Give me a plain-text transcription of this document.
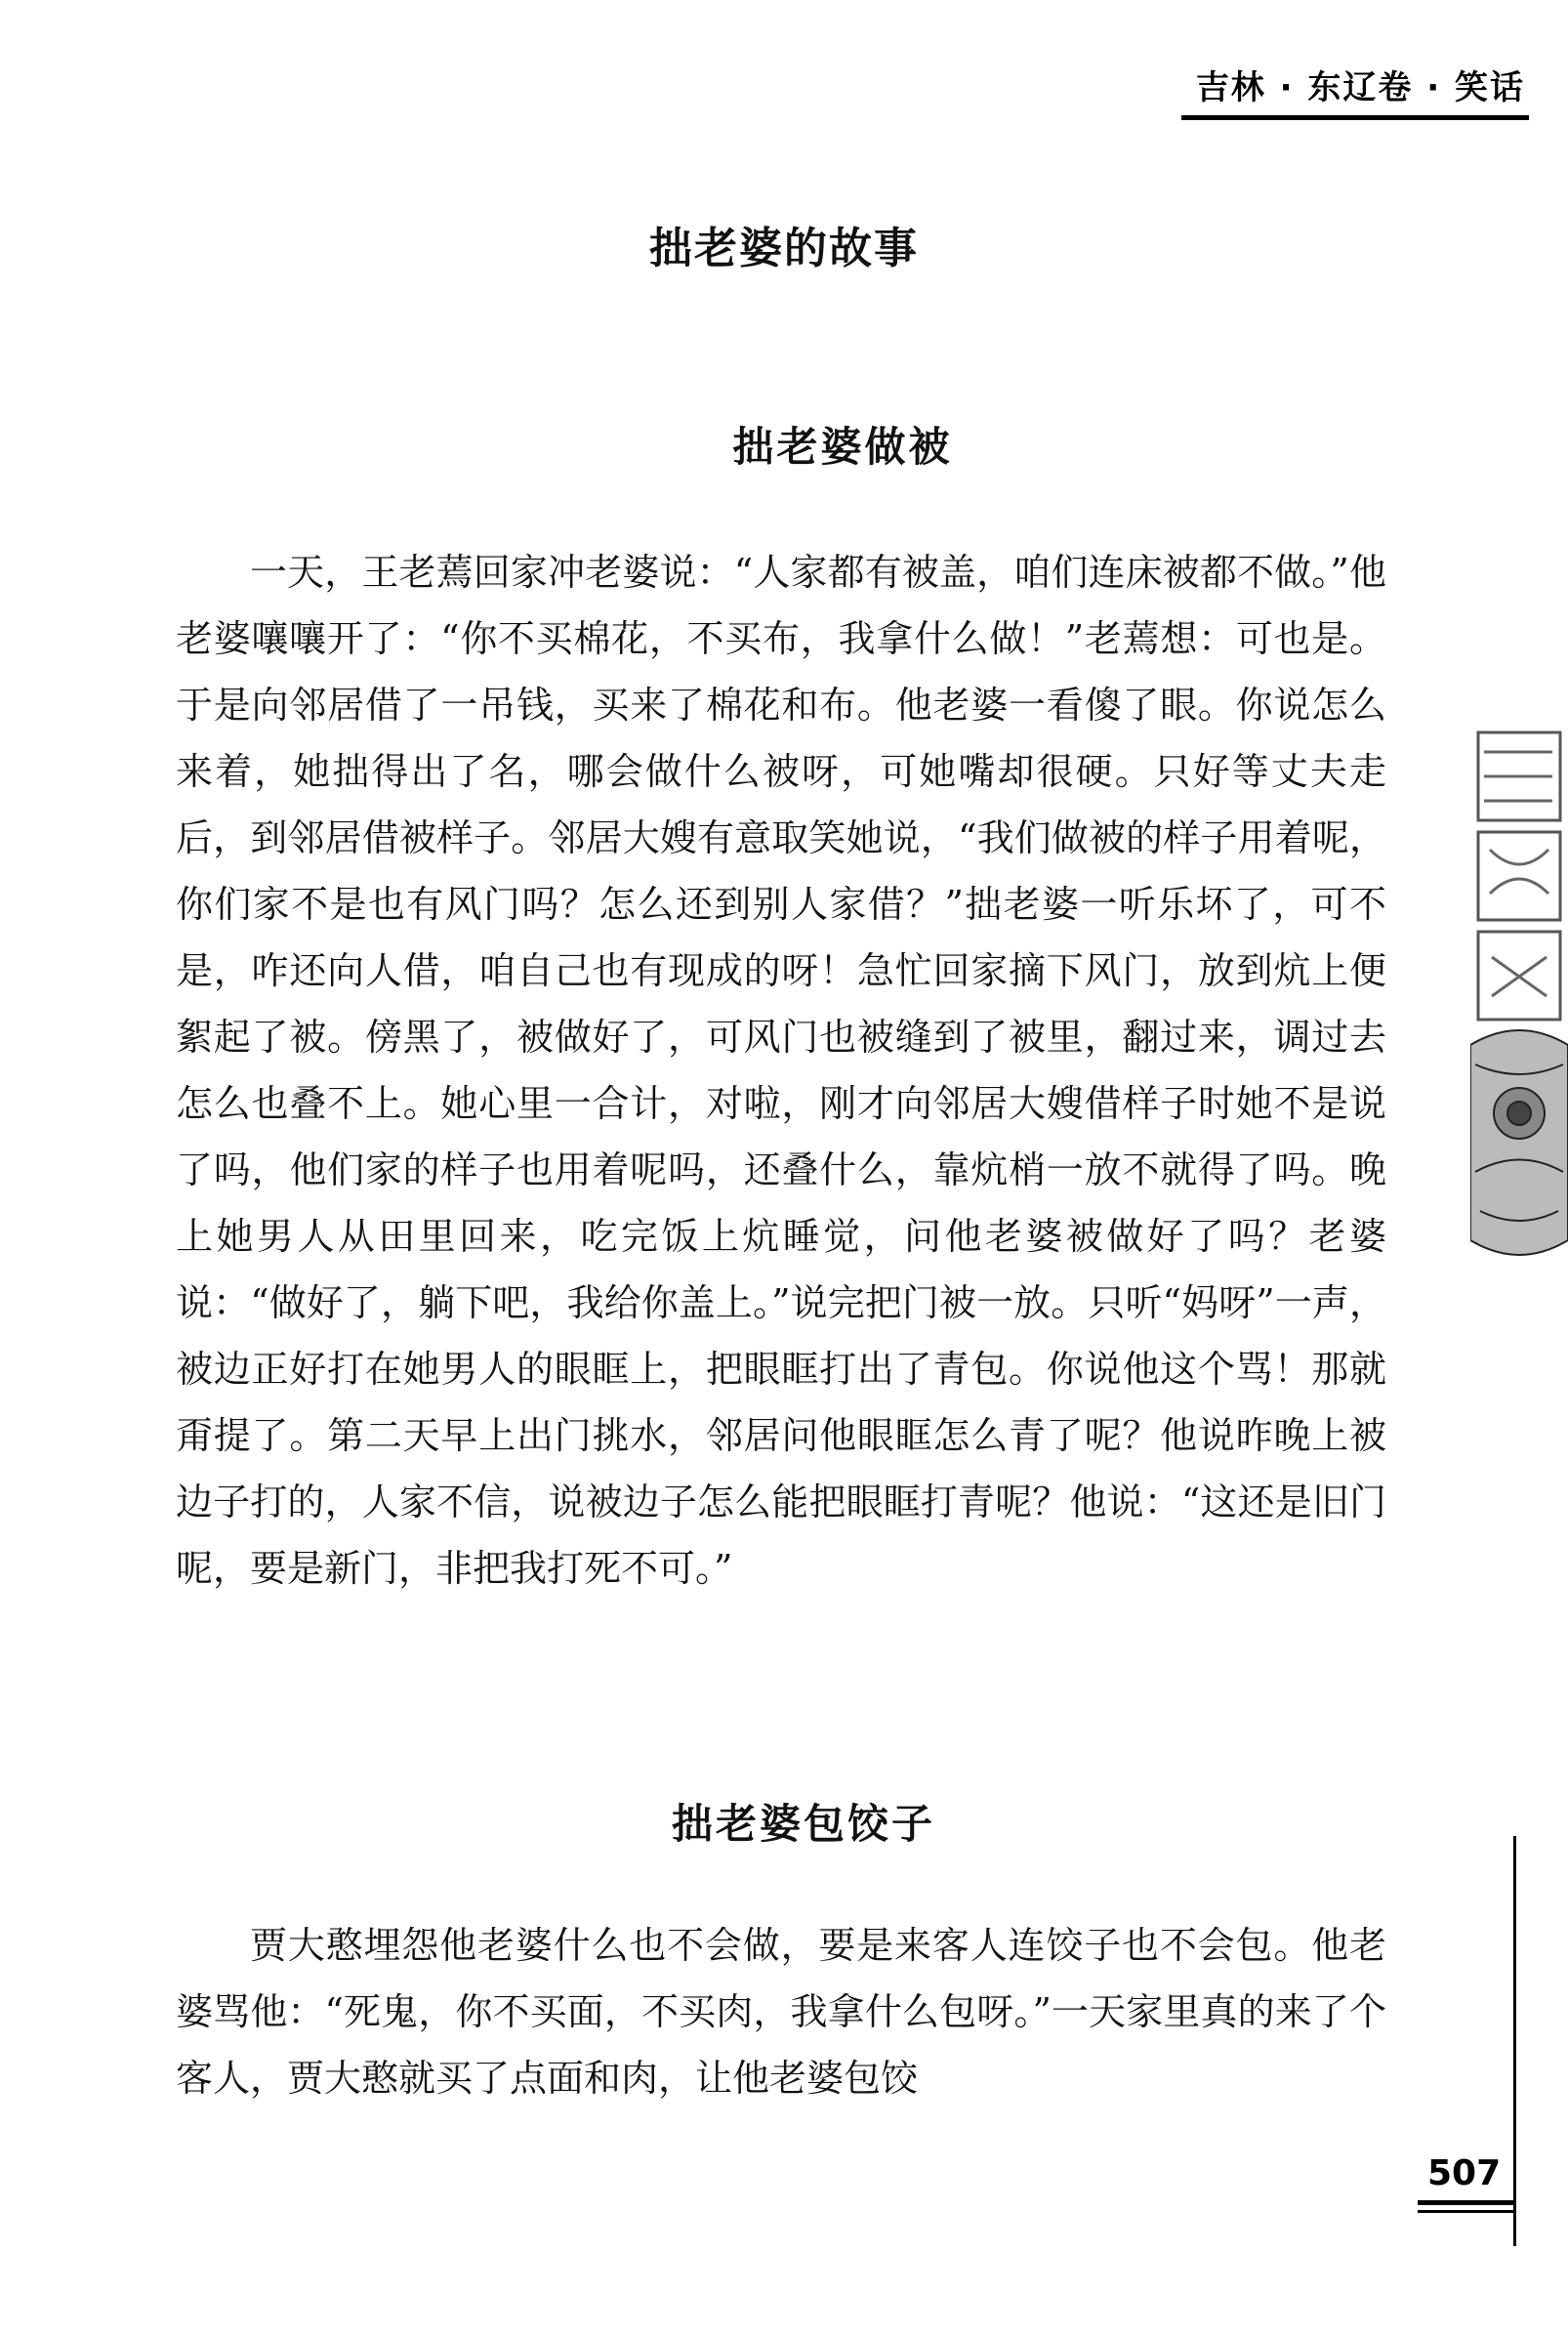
吉林 · 东辽卷 · 笑话
拙老婆的故事
拙老婆做被

一天，王老蔫回家冲老婆说：“人家都有被盖，咱们连床被都不做。”他老婆嚷嚷开了：“你不买棉花，不买布，我拿什么做！”老蔫想：可也是。于是向邻居借了一吊钱，买来了棉花和布。他老婆一看傻了眼。你说怎么来着，她拙得出了名，哪会做什么被呀，可她嘴却很硬。只好等丈夫走后，到邻居借被样子。邻居大嫂有意取笑她说，“我们做被的样子用着呢，你们家不是也有风门吗？怎么还到别人家借？”拙老婆一听乐坏了，可不是，咋还向人借，咱自己也有现成的呀！急忙回家摘下风门，放到炕上便絮起了被。傍黑了，被做好了，可风门也被缝到了被里，翻过来，调过去怎么也叠不上。她心里一合计，对啦，刚才向邻居大嫂借样子时她不是说了吗，他们家的样子也用着呢吗，还叠什么，靠炕梢一放不就得了吗。晚上她男人从田里回来，吃完饭上炕睡觉，问他老婆被做好了吗？老婆说：“做好了，躺下吧，我给你盖上。”说完把门被一放。只听“妈呀”一声，被边正好打在她男人的眼眶上，把眼眶打出了青包。你说他这个骂！那就甭提了。第二天早上出门挑水，邻居问他眼眶怎么青了呢？他说昨晚上被边子打的，人家不信，说被边子怎么能把眼眶打青呢？他说：“这还是旧门呢，要是新门，非把我打死不可。”

拙老婆包饺子

贾大憨埋怨他老婆什么也不会做，要是来客人连饺子也不会包。他老婆骂他：“死鬼，你不买面，不买肉，我拿什么包呀。”一天家里真的来了个客人，贾大憨就买了点面和肉，让他老婆包饺

507
